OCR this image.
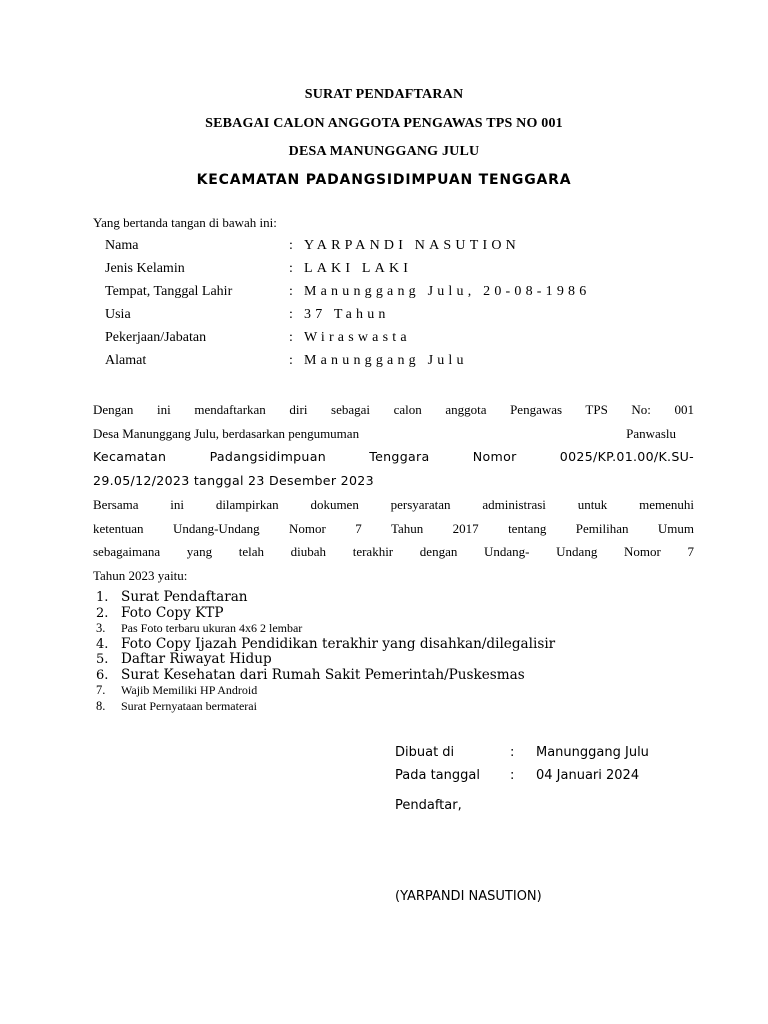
SURAT PENDAFTARAN
SEBAGAI CALON ANGGOTA PENGAWAS TPS NO 001
DESA MANUNGGANG JULU
KECAMATAN PADANGSIDIMPUAN TENGGARA
Yang bertanda tangan di bawah ini:
Nama	: YARPANDI NASUTION
Jenis Kelamin	: LAKI LAKI
Tempat, Tanggal Lahir	: Manunggang Julu, 20-08-1986
Usia	: 37 Tahun
Pekerjaan/Jabatan	: Wiraswasta
Alamat	: Manunggang Julu
Dengan ini mendaftarkan diri sebagai calon anggota Pengawas TPS No: 001
Desa Manunggang Julu, berdasarkan pengumuman	Panwaslu
Kecamatan Padangsidimpuan Tenggara Nomor 0025/KP.01.00/K.SU-
29.05/12/2023 tanggal 23 Desember 2023
Bersama ini dilampirkan dokumen persyaratan administrasi untuk memenuhi
ketentuan Undang-Undang Nomor 7 Tahun 2017 tentang Pemilihan Umum
sebagaimana yang telah diubah terakhir dengan Undang- Undang Nomor 7
Tahun 2023 yaitu:
1. Surat Pendaftaran
2. Foto Copy KTP
3. Pas Foto terbaru ukuran 4x6 2 lembar
4. Foto Copy Ijazah Pendidikan terakhir yang disahkan/dilegalisir
5. Daftar Riwayat Hidup
6. Surat Kesehatan dari Rumah Sakit Pemerintah/Puskesmas
7. Wajib Memiliki HP Android
8. Surat Pernyataan bermaterai
Dibuat di	: Manunggang Julu
Pada tanggal : 04 Januari 2024
Pendaftar,
(YARPANDI NASUTION)
